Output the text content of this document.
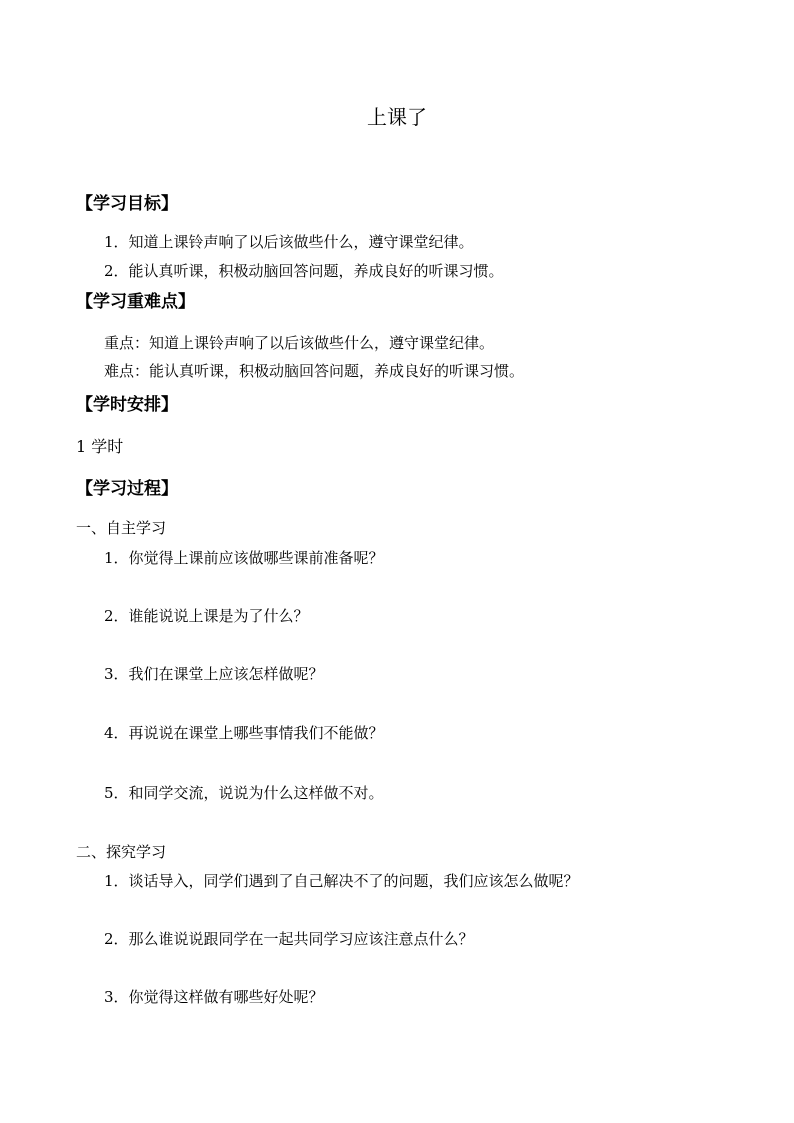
上课了
【学习目标】
1．知道上课铃声响了以后该做些什么，遵守课堂纪律。
2．能认真听课，积极动脑回答问题，养成良好的听课习惯。
【学习重难点】
重点：知道上课铃声响了以后该做些什么，遵守课堂纪律。
难点：能认真听课，积极动脑回答问题，养成良好的听课习惯。
【学时安排】
1 学时
【学习过程】
一、自主学习
1．你觉得上课前应该做哪些课前准备呢？
2．谁能说说上课是为了什么？
3．我们在课堂上应该怎样做呢？
4．再说说在课堂上哪些事情我们不能做？
5．和同学交流，说说为什么这样做不对。
二、探究学习
1．谈话导入，同学们遇到了自己解决不了的问题，我们应该怎么做呢？
2．那么谁说说跟同学在一起共同学习应该注意点什么？
3．你觉得这样做有哪些好处呢？
